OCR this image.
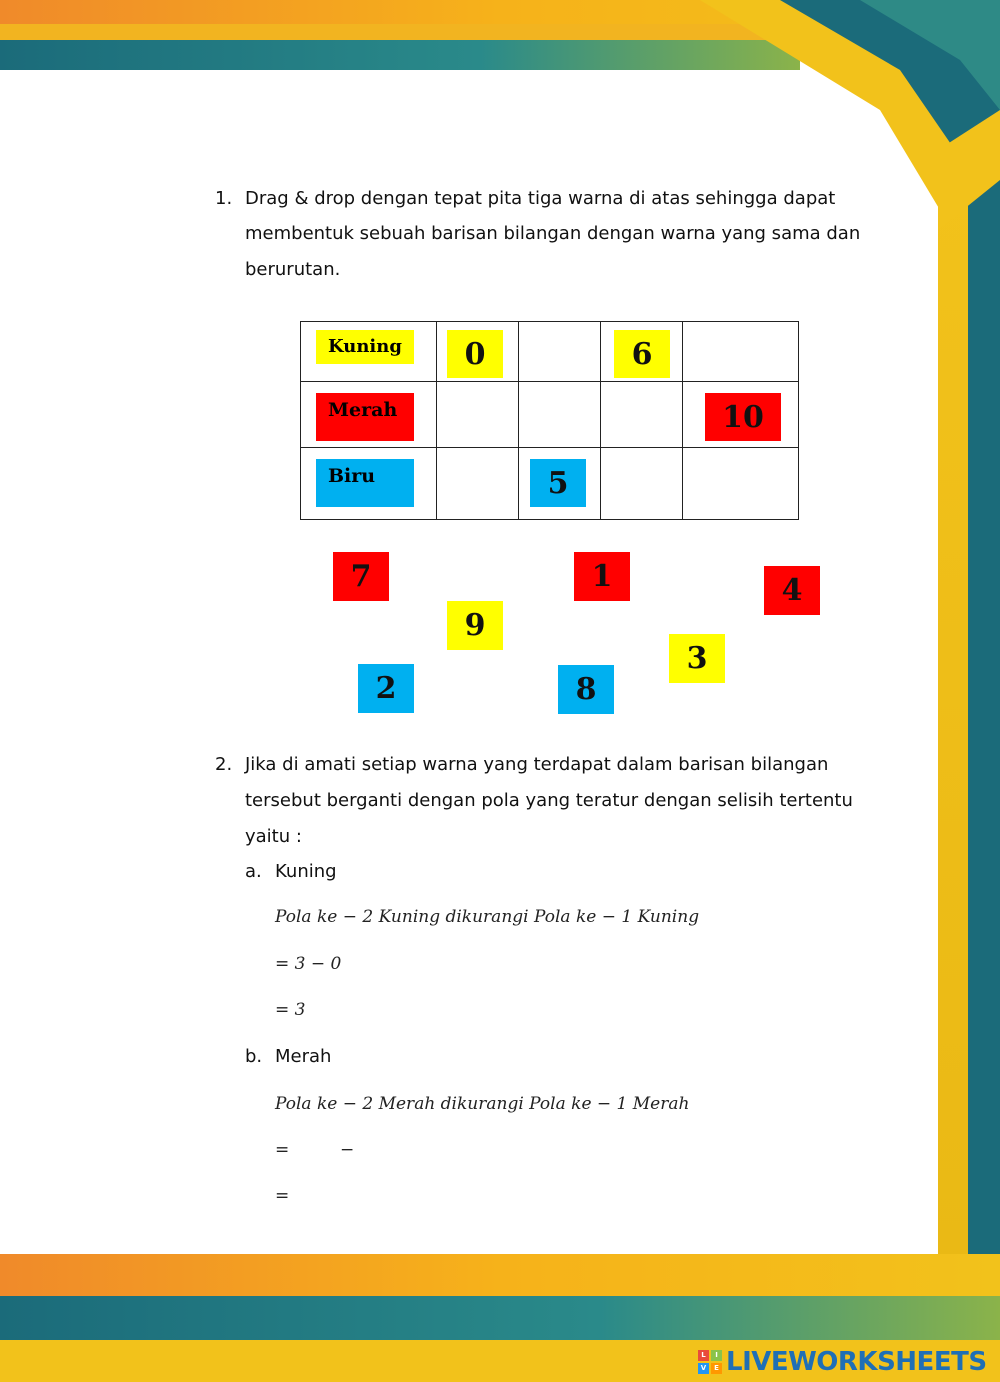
1. Drag & drop dengan tepat pita tiga warna di atas sehingga dapat
membentuk sebuah barisan bilangan dengan warna yang sama dan
berurutan.
Kuning	0		6	

Merah				10

Biru		5		

7	1	4
9
3
2	8
2. Jika di amati setiap warna yang terdapat dalam barisan bilangan
tersebut berganti dengan pola yang teratur dengan selisih tertentu
yaitu :
a. Kuning
Pola ke − 2 Kuning dikurangi Pola ke − 1 Kuning
= 3 − 0
= 3
b. Merah
Pola ke − 2 Merah dikurangi Pola ke − 1 Merah
=	−
=
L	I
V	E LIVEWORKSHEETS
